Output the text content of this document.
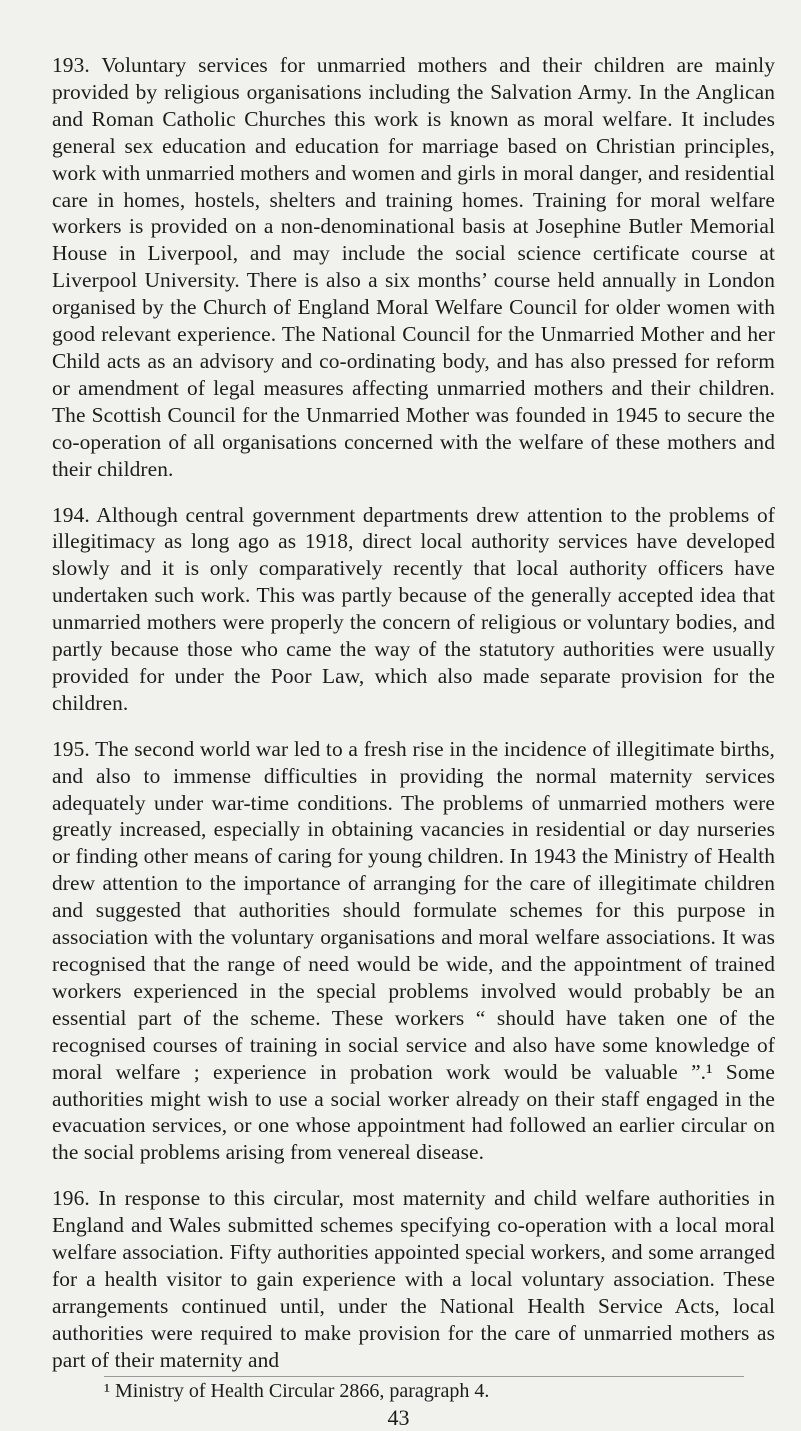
193. Voluntary services for unmarried mothers and their children are mainly provided by religious organisations including the Salvation Army. In the Anglican and Roman Catholic Churches this work is known as moral welfare. It includes general sex education and education for marriage based on Christian principles, work with unmarried mothers and women and girls in moral danger, and residential care in homes, hostels, shelters and training homes. Training for moral welfare workers is provided on a non-denominational basis at Josephine Butler Memorial House in Liverpool, and may include the social science certificate course at Liverpool University. There is also a six months’ course held annually in London organised by the Church of England Moral Welfare Council for older women with good relevant experience. The National Council for the Unmarried Mother and her Child acts as an advisory and co-ordinating body, and has also pressed for reform or amendment of legal measures affecting unmarried mothers and their children. The Scottish Council for the Unmarried Mother was founded in 1945 to secure the co-operation of all organisations concerned with the welfare of these mothers and their children.

194. Although central government departments drew attention to the problems of illegitimacy as long ago as 1918, direct local authority services have developed slowly and it is only comparatively recently that local authority officers have undertaken such work. This was partly because of the generally accepted idea that unmarried mothers were properly the concern of religious or voluntary bodies, and partly because those who came the way of the statutory authorities were usually provided for under the Poor Law, which also made separate provision for the children.

195. The second world war led to a fresh rise in the incidence of illegitimate births, and also to immense difficulties in providing the normal maternity services adequately under war-time conditions. The problems of unmarried mothers were greatly increased, especially in obtaining vacancies in residential or day nurseries or finding other means of caring for young children. In 1943 the Ministry of Health drew attention to the importance of arranging for the care of illegitimate children and suggested that authorities should formulate schemes for this purpose in association with the voluntary organisations and moral welfare associations. It was recognised that the range of need would be wide, and the appointment of trained workers experienced in the special problems involved would probably be an essential part of the scheme. These workers “ should have taken one of the recognised courses of training in social service and also have some knowledge of moral welfare ; experience in probation work would be valuable ”.¹ Some authorities might wish to use a social worker already on their staff engaged in the evacuation services, or one whose appointment had followed an earlier circular on the social problems arising from venereal disease.

196. In response to this circular, most maternity and child welfare authorities in England and Wales submitted schemes specifying co-operation with a local moral welfare association. Fifty authorities appointed special workers, and some arranged for a health visitor to gain experience with a local voluntary association. These arrangements continued until, under the National Health Service Acts, local authorities were required to make provision for the care of unmarried mothers as part of their maternity and

¹ Ministry of Health Circular 2866, paragraph 4.
43
